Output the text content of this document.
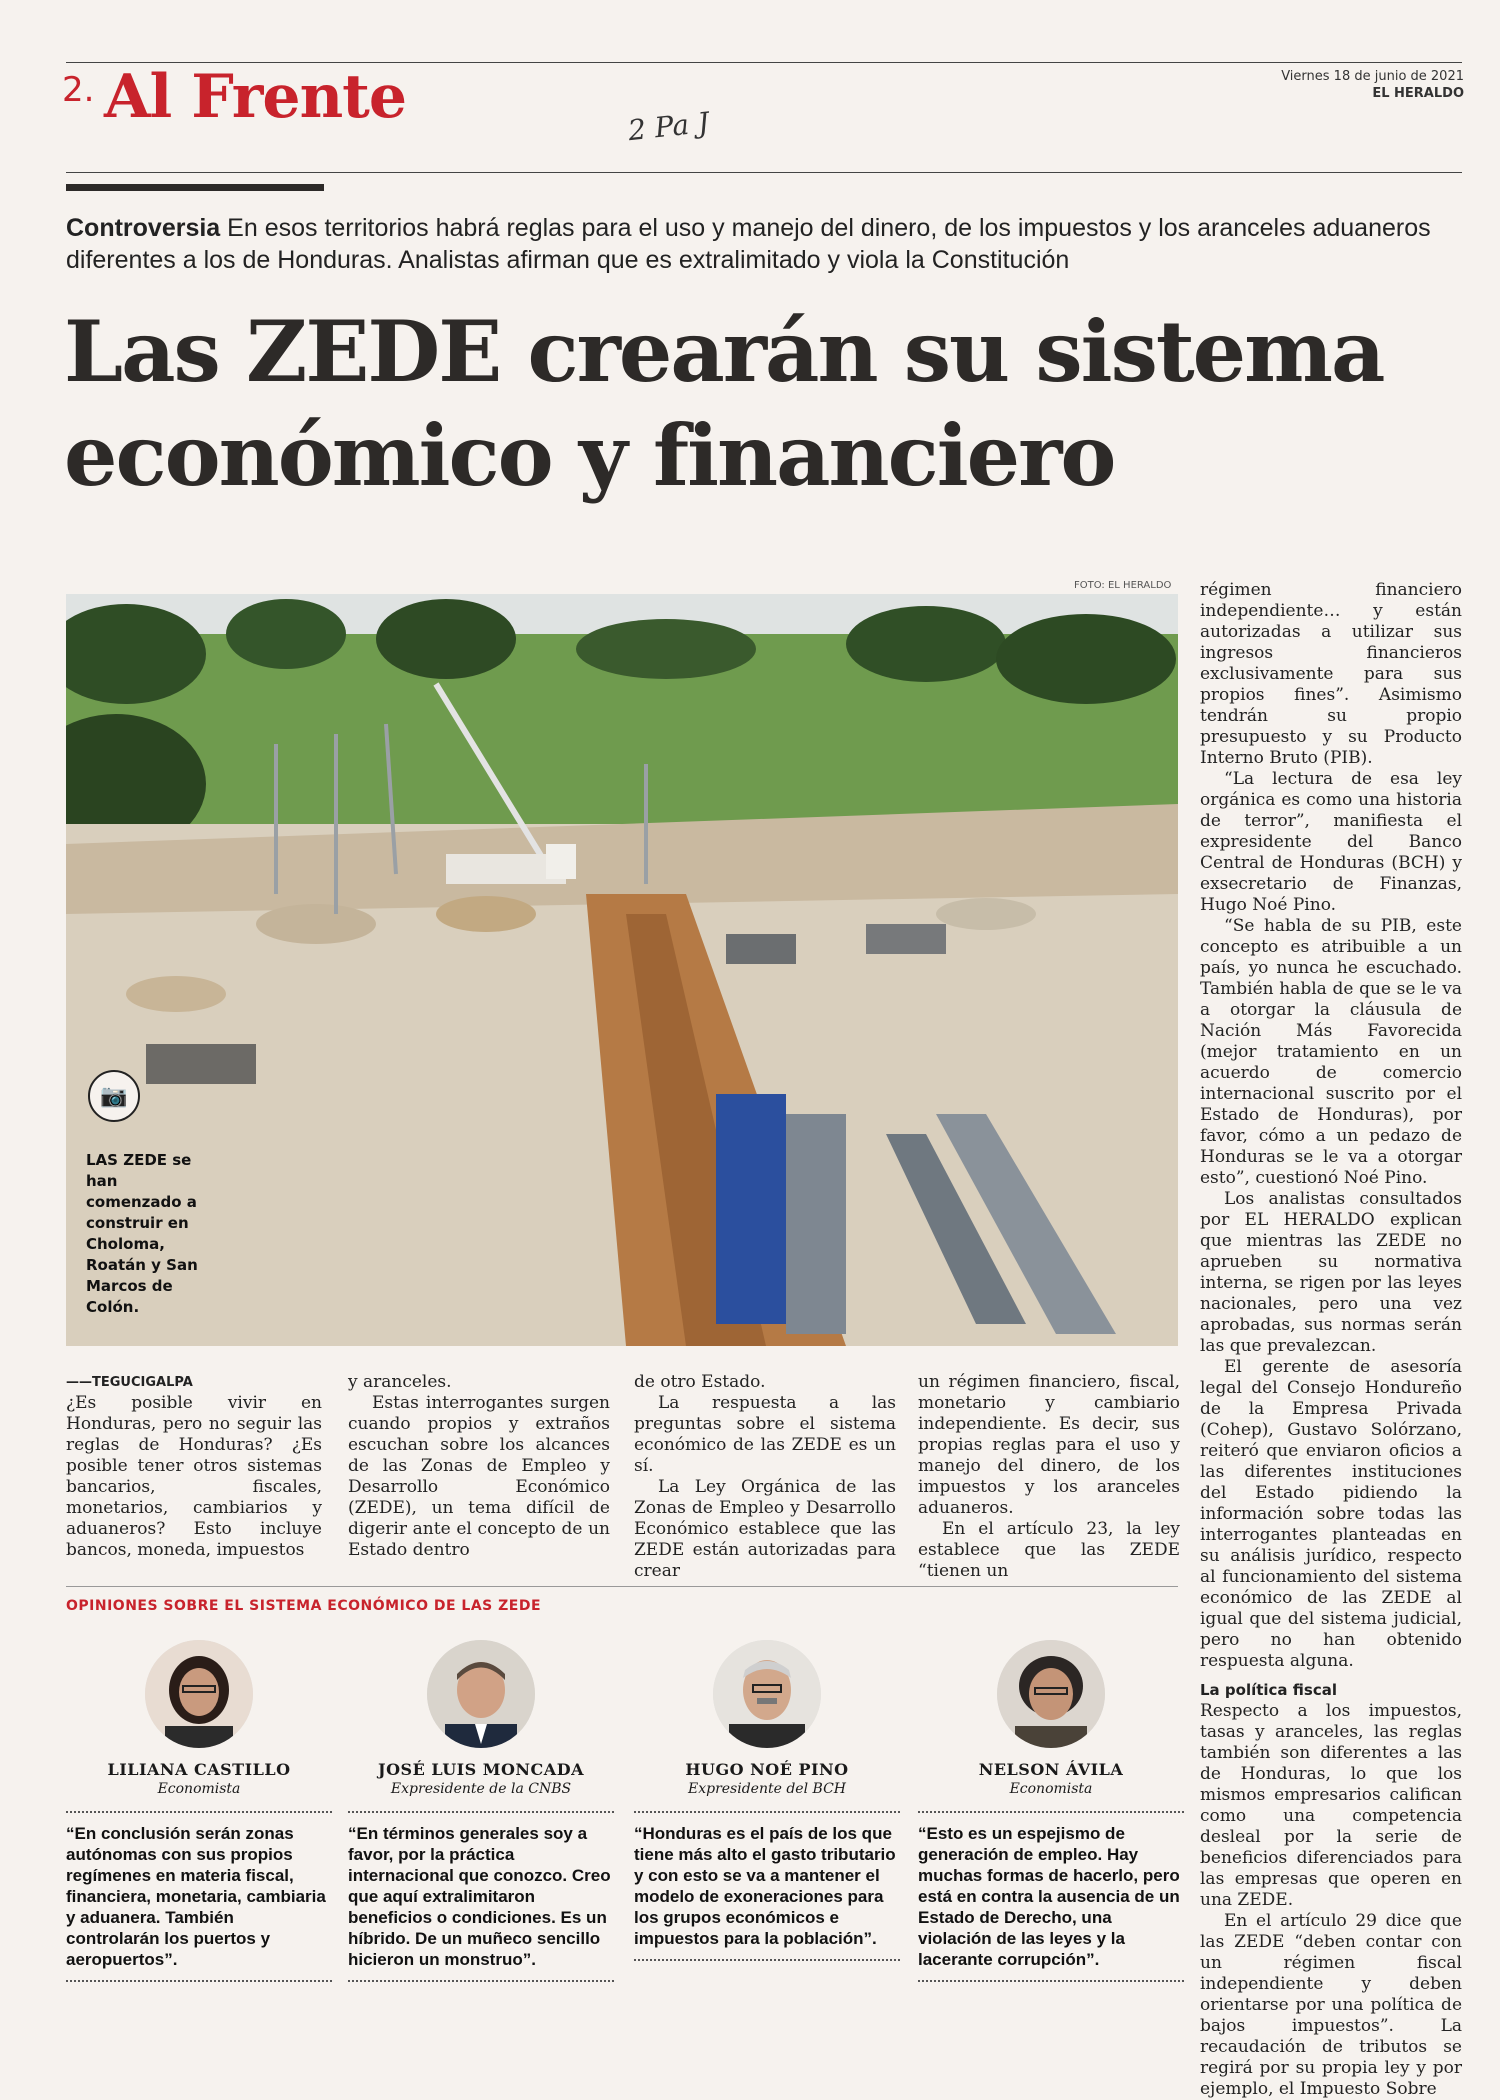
2. Al Frente	Viernes 18 de junio de 2021
EL HERALDO
2 Pa J
Controversia En esos territorios habrá reglas para el uso y manejo del dinero, de los impuestos y los aranceles aduaneros diferentes a los de Honduras. Analistas afirman que es extralimitado y viola la Constitución
Las ZEDE crearán su sistema
económico y financiero
FOTO: EL HERALDO
📷
LAS ZEDE se han comenzado a construir en Choloma, Roatán y San Marcos de Colón.
——TEGUCIGALPA

¿Es posible vivir en Honduras, pero no seguir las reglas de Honduras? ¿Es posible tener otros sistemas bancarios, fiscales, monetarios, cambiarios y aduaneros? Esto incluye bancos, moneda, impuestos

y aranceles.

Estas interrogantes surgen cuando propios y extraños escuchan sobre los alcances de las Zonas de Empleo y Desarrollo Económico (ZEDE), un tema difícil de digerir ante el concepto de un Estado dentro

de otro Estado.

La respuesta a las preguntas sobre el sistema económico de las ZEDE es un sí.

La Ley Orgánica de las Zonas de Empleo y Desarrollo Económico establece que las ZEDE están autorizadas para crear

un régimen financiero, fiscal, monetario y cambiario independiente. Es decir, sus propias reglas para el uso y manejo del dinero, de los impuestos y los aranceles aduaneros.

En el artículo 23, la ley establece que las ZEDE “tienen un

régimen financiero independiente… y están autorizadas a utilizar sus ingresos financieros exclusivamente para sus propios fines”. Asimismo tendrán su propio presupuesto y su Producto Interno Bruto (PIB).

“La lectura de esa ley orgánica es como una historia de terror”, manifiesta el expresidente del Banco Central de Honduras (BCH) y exsecretario de Finanzas, Hugo Noé Pino.

“Se habla de su PIB, este concepto es atribuible a un país, yo nunca he escuchado. También habla de que se le va a otorgar la cláusula de Nación Más Favorecida (mejor tratamiento en un acuerdo de comercio internacional suscrito por el Estado de Honduras), por favor, cómo a un pedazo de Honduras se le va a otorgar esto”, cuestionó Noé Pino.

Los analistas consultados por EL HERALDO explican que mientras las ZEDE no aprueben su normativa interna, se rigen por las leyes nacionales, pero una vez aprobadas, sus normas serán las que prevalezcan.

El gerente de asesoría legal del Consejo Hondureño de la Empresa Privada (Cohep), Gustavo Solórzano, reiteró que enviaron oficios a las diferentes instituciones del Estado pidiendo la información sobre todas las interrogantes planteadas en su análisis jurídico, respecto al funcionamiento del sistema económico de las ZEDE al igual que del sistema judicial, pero no han obtenido respuesta alguna.

La política fiscal

Respecto a los impuestos, tasas y aranceles, las reglas también son diferentes a las de Honduras, lo que los mismos empresarios califican como una competencia desleal por la serie de beneficios diferenciados para las empresas que operen en una ZEDE.

En el artículo 29 dice que las ZEDE “deben contar con un régimen fiscal independiente y deben orientarse por una política de bajos impuestos”. La recaudación de tributos se regirá por su propia ley y por ejemplo, el Impuesto Sobre

OPINIONES SOBRE EL SISTEMA ECONÓMICO DE LAS ZEDE
LILIANA CASTILLO
Economista
“En conclusión serán zonas autónomas con sus propios regímenes en materia fiscal, financiera, monetaria, cambiaria y aduanera. También controlarán los puertos y aeropuertos”.
JOSÉ LUIS MONCADA
Expresidente de la CNBS
“En términos generales soy a favor, por la práctica internacional que conozco. Creo que aquí extralimitaron beneficios o condiciones. Es un híbrido. De un muñeco sencillo hicieron un monstruo”.
HUGO NOÉ PINO
Expresidente del BCH
“Honduras es el país de los que tiene más alto el gasto tributario y con esto se va a mantener el modelo de exoneraciones para los grupos económicos e impuestos para la población”.
NELSON ÁVILA
Economista
“Esto es un espejismo de generación de empleo. Hay muchas formas de hacerlo, pero está en contra la ausencia de un Estado de Derecho, una violación de las leyes y la lacerante corrupción”.
